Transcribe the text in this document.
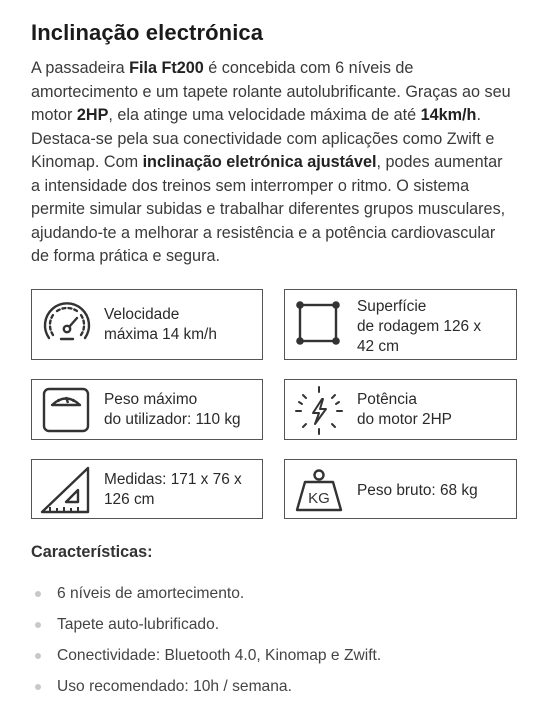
Inclinação electrónica
A passadeira Fila Ft200 é concebida com 6 níveis de amortecimento e um tapete rolante autolubrificante. Graças ao seu motor 2HP, ela atinge uma velocidade máxima de até 14km/h. Destaca-se pela sua conectividade com aplicações como Zwift e Kinomap. Com inclinação eletrónica ajustável, podes aumentar a intensidade dos treinos sem interromper o ritmo. O sistema permite simular subidas e trabalhar diferentes grupos musculares, ajudando-te a melhorar a resistência e a potência cardiovascular de forma prática e segura.
Velocidade
máxima 14 km/h
Superfície
de rodagem 126 x
42 cm
Peso máximo
do utilizador: 110 kg
Potência
do motor 2HP
Medidas: 171 x 76 x
126 cm	KG Peso bruto: 68 kg
Características:
6 níveis de amortecimento.
Tapete auto-lubrificado.
Conectividade: Bluetooth 4.0, Kinomap e Zwift.
Uso recomendado: 10h / semana.
